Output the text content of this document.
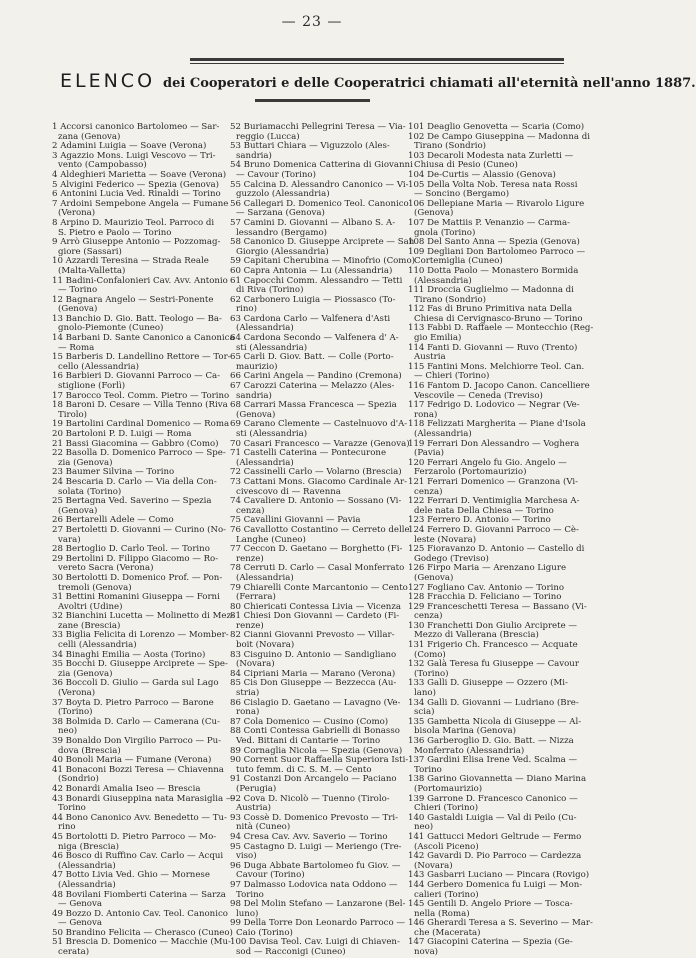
— 23 —
ELENCO dei Cooperatori e delle Cooperatrici chiamati all'eternità nell'anno 1887.
1 Accorsi canonico Bartolomeo — Sar-
zana (Genova)
2 Adamini Luigia — Soave (Verona)
3 Agazzio Mons. Luigi Vescovo — Tri-
vento (Campobasso)
4 Aldeghieri Marietta — Soave (Verona)
5 Alvigini Federico — Spezia (Genova)
6 Antonini Lucia Ved. Rinaldi — Torino
7 Ardoini Sempebone Angela — Fumane
(Verona)
8 Arpino D. Maurizio Teol. Parroco di
S. Pietro e Paolo — Torino
9 Arrò Giuseppe Antonio — Pozzomag-
giore (Sassari)
10 Azzardi Teresina — Strada Reale
(Malta-Valletta)
11 Badini-Confalonieri Cav. Avv. Antonio
— Torino
12 Bagnara Angelo — Sestri-Ponente
(Genova)
13 Banchio D. Gio. Batt. Teologo — Ba-
gnolo-Piemonte (Cuneo)
14 Barbani D. Sante Canonico a Canonica
— Roma
15 Barberis D. Landellino Rettore — Tor-
cello (Alessandria)
16 Barbieri D. Giovanni Parroco — Ca-
stiglione (Forlì)
17 Barocco Teol. Comm. Pietro — Torino
18 Baroni D. Cesare — Villa Tenno (Riva
Tirolo)
19 Bartolini Cardinal Domenico — Roma
20 Bartoloni P. D. Luigi — Roma
21 Bassi Giacomina — Gabbro (Como)
22 Basolla D. Domenico Parroco — Spe-
zia (Genova)
23 Baumer Silvina — Torino
24 Bescaria D. Carlo — Via della Con-
solata (Torino)
25 Bertagna Ved. Saverino — Spezia
(Genova)
26 Bertarelli Adele — Como
27 Bertoletti D. Giovanni — Curino (No-
vara)
28 Bertoglio D. Carlo Teol. — Torino
29 Bertolini D. Filippo Giacomo — Ro-
vereto Sacra (Verona)
30 Bertolotti D. Domenico Prof. — Pon-
tremoli (Genova)
31 Bettini Romanini Giuseppa — Forni
Avoltri (Udine)
32 Bianchini Lucetta — Molinetto di Mez-
zane (Brescia)
33 Biglia Felicita di Lorenzo — Momber-
celli (Alessandria)
34 Binaghi Emilia — Aosta (Torino)
35 Bocchi D. Giuseppe Arciprete — Spe-
zia (Genova)
36 Boccoli D. Giulio — Garda sul Lago
(Verona)
37 Boyta D. Pietro Parroco — Barone
(Torino)
38 Bolmida D. Carlo — Camerana (Cu-
neo)
39 Bonaldo Don Virgilio Parroco — Pu-
dova (Brescia)
40 Bonoli Maria — Fumane (Verona)
41 Bonaconi Bozzi Teresa — Chiavenna
(Sondrio)
42 Bonardi Amalia Iseo — Brescia
43 Bonardi Giuseppina nata Marasiglia —
Torino
44 Bono Canonico Avv. Benedetto — Tu-
rino
45 Bortolotti D. Pietro Parroco — Mo-
niga (Brescia)
46 Bosco di Ruffino Cav. Carlo — Acqui
(Alessandria)
47 Botto Livia Ved. Ghio — Mornese
(Alessandria)
48 Bovilani Fiomberti Caterina — Sarza
— Genova
49 Bozzo D. Antonio Cav. Teol. Canonico
— Genova
50 Brandino Felicita — Cherasco (Cuneo)
51 Brescia D. Domenico — Macchie (Mu-
cerata)
52 Buriamacchi Pellegrini Teresa — Via-
reggio (Lucca)
53 Buttari Chiara — Viguzzolo (Ales-
sandria)
54 Bruno Domenica Catterina di Giovanni
— Cavour (Torino)
55 Calcina D. Alessandro Canonico — Vi-
guzzolo (Alessandria)
56 Callegari D. Domenico Teol. Canonico
— Sarzana (Genova)
57 Camini D. Giovanni — Albano S. A-
lessandro (Bergamo)
58 Canonico D. Giuseppe Arciprete — San
Giorgio (Alessandria)
59 Capitani Cherubina — Minofrio (Como)
60 Capra Antonia — Lu (Alessandria)
61 Capocchi Comm. Alessandro — Tetti
di Riva (Torino)
62 Carbonero Luigia — Piossasco (To-
rino)
63 Cardona Carlo — Valfenera d'Asti
(Alessandria)
64 Cardona Secondo — Valfenera d' A-
sti (Alessandria)
65 Carli D. Giov. Batt. — Colle (Porto-
maurizio)
66 Carini Angela — Pandino (Cremona)
67 Carozzi Caterina — Melazzo (Ales-
sandria)
68 Carrari Massa Francesca — Spezia
(Genova)
69 Carano Clemente — Castelnuovo d'A-
sti (Alessandria)
70 Casari Francesco — Varazze (Genova)
71 Castelli Caterina — Pontecurone
(Alessandria)
72 Cassinelli Carlo — Volarno (Brescia)
73 Cattani Mons. Giacomo Cardinale Ar-
civescovo di — Ravenna
74 Cavaliere D. Antonio — Sossano (Vi-
cenza)
75 Cavallini Giovanni — Pavia
76 Cavallotto Costantino — Cerreto delle
Langhe (Cuneo)
77 Ceccon D. Gaetano — Borghetto (Fi-
renze)
78 Cerruti D. Carlo — Casal Monferrato
(Alessandria)
79 Chiarelli Conte Marcantonio — Cento
(Ferrara)
80 Chiericati Contessa Livia — Vicenza
81 Chiesi Don Giovanni — Cardeto (Fi-
renze)
82 Cianni Giovanni Prevosto — Villar-
boit (Novara)
83 Cisguino D. Antonio — Sandigliano
(Novara)
84 Cipriani Maria — Marano (Verona)
85 Cis Don Giuseppe — Bezzecca (Au-
stria)
86 Cislagio D. Gaetano — Lavagno (Ve-
rona)
87 Cola Domenico — Cusino (Como)
88 Conti Contessa Gabrielli di Bonasso
Ved. Bittani di Cantarie — Torino
89 Cornaglia Nicola — Spezia (Genova)
90 Corrent Suor Raffaella Superiora Isti-
tuto femm. di C. S. M. — Cento
91 Costanzi Don Arcangelo — Paciano
(Perugia)
92 Cova D. Nicolò — Tuenno (Tirolo-
Austria)
93 Cossè D. Domenico Prevosto — Tri-
nità (Cuneo)
94 Cresa Cav. Avv. Saverio — Torino
95 Castagno D. Luigi — Meriengo (Tre-
viso)
96 Duga Abbate Bartolomeo fu Giov. —
Cavour (Torino)
97 Dalmasso Lodovica nata Oddono —
Torino
98 Del Molin Stefano — Lanzarone (Bel-
luno)
99 Della Torre Don Leonardo Parroco —
Caio (Torino)
100 Davisa Teol. Cav. Luigi di Chiaven-
sod — Racconigi (Cuneo)
101 Deaglio Genovetta — Scaria (Como)
102 De Campo Giuseppina — Madonna di
Tirano (Sondrio)
103 Decaroli Modesta nata Zurletti —
Chiusa di Pesio (Cuneo)
104 De-Curtis — Alassio (Genova)
105 Della Volta Nob. Teresa nata Rossi
— Soncino (Bergamo)
106 Dellepiane Maria — Rivarolo Ligure
(Genova)
107 De Mattiis P. Venanzio — Carma-
gnola (Torino)
108 Del Santo Anna — Spezia (Genova)
109 Degliani Don Bartolomeo Parroco —
Cortemiglia (Cuneo)
110 Dotta Paolo — Monastero Bormida
(Alessandria)
111 Droccia Guglielmo — Madonna di
Tirano (Sondrio)
112 Fas di Bruno Primitiva nata Della
Chiesa di Cervignasco-Bruno — Torino
113 Fabbi D. Raffaele — Montecchio (Reg-
gio Emilia)
114 Fanti D. Giovanni — Ruvo (Trento)
Austria
115 Fantini Mons. Melchiorre Teol. Can.
— Chieri (Torino)
116 Fantom D. Jacopo Canon. Cancelliere
Vescovile — Ceneda (Treviso)
117 Fedrigo D. Lodovico — Negrar (Ve-
rona)
118 Felizzati Margherita — Piane d'Isola
(Alessandria)
119 Ferrari Don Alessandro — Voghera
(Pavia)
120 Ferrari Angelo fu Gio. Angelo —
Ferzarolo (Portomaurizio)
121 Ferrari Domenico — Granzona (Vi-
cenza)
122 Ferrari D. Ventimiglia Marchesa A-
dele nata Della Chiesa — Torino
123 Ferrero D. Antonio — Torino
124 Ferrero D. Giovanni Parroco — Cè-
leste (Novara)
125 Fioravanzo D. Antonio — Castello di
Godego (Treviso)
126 Firpo Maria — Arenzano Ligure
(Genova)
127 Fogliano Cav. Antonio — Torino
128 Fracchia D. Feliciano — Torino
129 Franceschetti Teresa — Bassano (Vi-
cenza)
130 Franchetti Don Giulio Arciprete —
Mezzo di Vallerana (Brescia)
131 Frigerio Ch. Francesco — Acquate
(Como)
132 Galà Teresa fu Giuseppe — Cavour
(Torino)
133 Galli D. Giuseppe — Ozzero (Mi-
lano)
134 Galli D. Giovanni — Ludriano (Bre-
scia)
135 Gambetta Nicola di Giuseppe — Al-
bisola Marina (Genova)
136 Garberoglio D. Gio. Batt. — Nizza
Monferrato (Alessandria)
137 Gardini Elisa Irene Ved. Scalma —
Torino
138 Garino Giovannetta — Diano Marina
(Portomaurizio)
139 Garrone D. Francesco Canonico —
Chieri (Torino)
140 Gastaldi Luigia — Val di Peilo (Cu-
neo)
141 Gattucci Medori Geltrude — Fermo
(Ascoli Piceno)
142 Gavardi D. Pio Parroco — Cardezza
(Novara)
143 Gasbarri Luciano — Pincara (Rovigo)
144 Gerbero Domenica fu Luigi — Mon-
calieri (Torino)
145 Gentili D. Angelo Priore — Tosca-
nella (Roma)
146 Gherardi Teresa a S. Severino — Mar-
che (Macerata)
147 Giacopini Caterina — Spezia (Ge-
nova)
